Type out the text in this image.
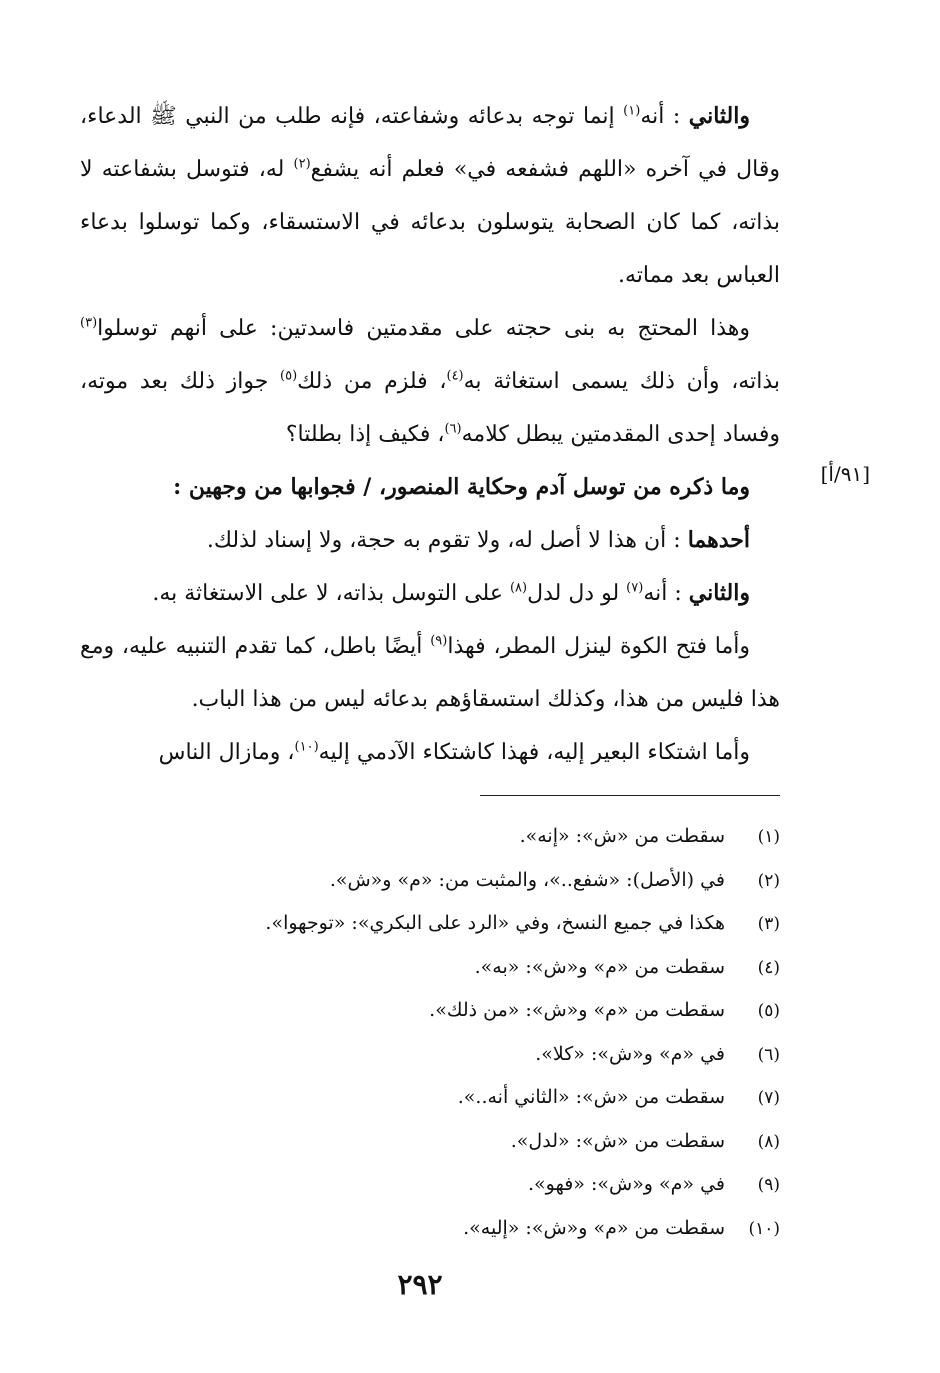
والثاني : أنه$^{(١)}$ إنما توجه بدعائه وشفاعته، فإنه طلب من النبي ﷺ الدعاء، وقال في آخره «اللهم فشفعه في» فعلم أنه يشفع$^{(٢)}$ له، فتوسل بشفاعته لا بذاته، كما كان الصحابة يتوسلون بدعائه في الاستسقاء، وكما توسلوا بدعاء العباس بعد مماته.

وهذا المحتج به بنى حجته على مقدمتين فاسدتين: على أنهم توسلوا$^{(٣)}$ بذاته، وأن ذلك يسمى استغاثة به$^{(٤)}$، فلزم من ذلك$^{(٥)}$ جواز ذلك بعد موته، وفساد إحدى المقدمتين يبطل كلامه$^{(٦)}$، فكيف إذا بطلتا؟

وما ذكره من توسل آدم وحكاية المنصور، / فجوابها من وجهين :

أحدهما : أن هذا لا أصل له، ولا تقوم به حجة، ولا إسناد لذلك.

والثاني : أنه$^{(٧)}$ لو دل لدل$^{(٨)}$ على التوسل بذاته، لا على الاستغاثة به.

وأما فتح الكوة لينزل المطر، فهذا$^{(٩)}$ أيضًا باطل، كما تقدم التنبيه عليه، ومع هذا فليس من هذا، وكذلك استسقاؤهم بدعائه ليس من هذا الباب.

وأما اشتكاء البعير إليه، فهذا كاشتكاء الآدمي إليه$^{(١٠)}$، ومازال الناس

[٩١/أ]
(١)
سقطت من «ش»: «إنه».
(٢)
في (الأصل): «شفع..»، والمثبت من: «م» و«ش».
(٣)
هكذا في جميع النسخ، وفي «الرد على البكري»: «توجهوا».
(٤)
سقطت من «م» و«ش»: «به».
(٥)
سقطت من «م» و«ش»: «من ذلك».
(٦)
في «م» و«ش»: «كلا».
(٧)
سقطت من «ش»: «الثاني أنه..».
(٨)
سقطت من «ش»: «لدل».
(٩)
في «م» و«ش»: «فهو».
(١٠)
سقطت من «م» و«ش»: «إليه».
٢٩٢
